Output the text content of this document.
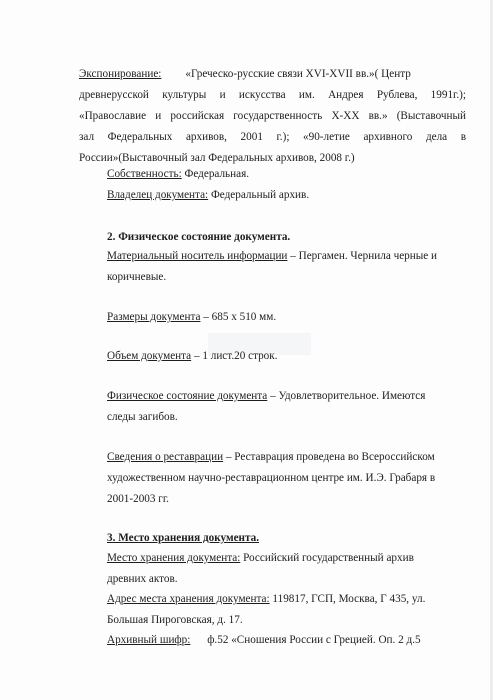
Экспонирование: «Греческо-русские связи XVI-XVII вв.»( Центр
древнерусской культуры и искусства им. Андрея Рублева, 1991г.);
«Православие и российская государственность X-XX вв.» (Выставочный
зал Федеральных архивов, 2001 г.); «90-летие архивного дела в
России»(Выставочный зал Федеральных архивов, 2008 г.)
Собственность: Федеральная.
Владелец документа: Федеральный архив.
2. Физическое состояние документа.
Материальный носитель информации – Пергамен. Чернила черные и
коричневые.
Размеры документа – 685 х 510 мм.
Объем документа – 1 лист.20 строк.
Физическое состояние документа – Удовлетворительное. Имеются
следы загибов.
Сведения о реставрации – Реставрация проведена во Всероссийском
художественном научно-реставрационном центре им. И.Э. Грабаря в
2001-2003 гг.
3. Место хранения документа.
Место хранения документа: Российский государственный архив
древних актов.
Адрес места хранения документа: 119817, ГСП, Москва, Г 435, ул.
Большая Пироговская, д. 17.
Архивный шифр: ф.52 «Сношения России с Грецией. Оп. 2 д.5
